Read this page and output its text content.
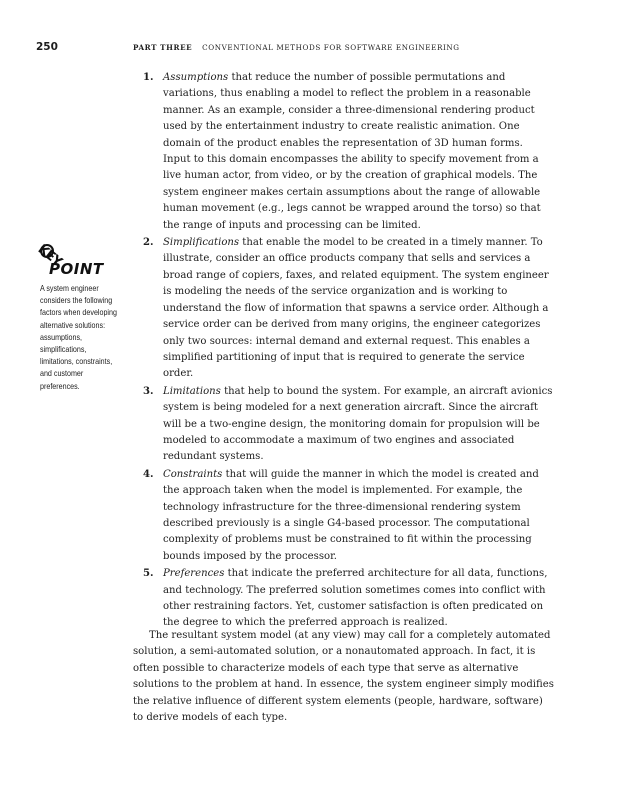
250	PART THREE CONVENTIONAL METHODS FOR SOFTWARE ENGINEERING
KEY
POINT
A system engineer considers the following factors when developing alternative solutions: assumptions, simplifications, limitations, constraints, and customer preferences.
1. Assumptions that reduce the number of possible permutations and variations, thus enabling a model to reflect the problem in a reasonable manner. As an example, consider a three-dimensional rendering product used by the entertainment industry to create realistic animation. One domain of the product enables the representation of 3D human forms. Input to this domain encompasses the ability to specify movement from a live human actor, from video, or by the creation of graphical models. The system engineer makes certain assumptions about the range of allowable human movement (e.g., legs cannot be wrapped around the torso) so that the range of inputs and processing can be limited.
2. Simplifications that enable the model to be created in a timely manner. To illustrate, consider an office products company that sells and services a broad range of copiers, faxes, and related equipment. The system engineer is modeling the needs of the service organization and is working to understand the flow of information that spawns a service order. Although a service order can be derived from many origins, the engineer categorizes only two sources: internal demand and external request. This enables a simplified partitioning of input that is required to generate the service order.
3. Limitations that help to bound the system. For example, an aircraft avionics system is being modeled for a next generation aircraft. Since the aircraft will be a two-engine design, the monitoring domain for propulsion will be modeled to accommodate a maximum of two engines and associated redundant systems.
4. Constraints that will guide the manner in which the model is created and the approach taken when the model is implemented. For example, the technology infrastructure for the three-dimensional rendering system described previously is a single G4-based processor. The computational complexity of problems must be constrained to fit within the processing bounds imposed by the processor.
5. Preferences that indicate the preferred architecture for all data, functions, and technology. The preferred solution sometimes comes into conflict with other restraining factors. Yet, customer satisfaction is often predicated on the degree to which the preferred approach is realized.

The resultant system model (at any view) may call for a completely automated solution, a semi-automated solution, or a nonautomated approach. In fact, it is often possible to characterize models of each type that serve as alternative solutions to the problem at hand. In essence, the system engineer simply modifies the relative influence of different system elements (people, hardware, software) to derive models of each type.
